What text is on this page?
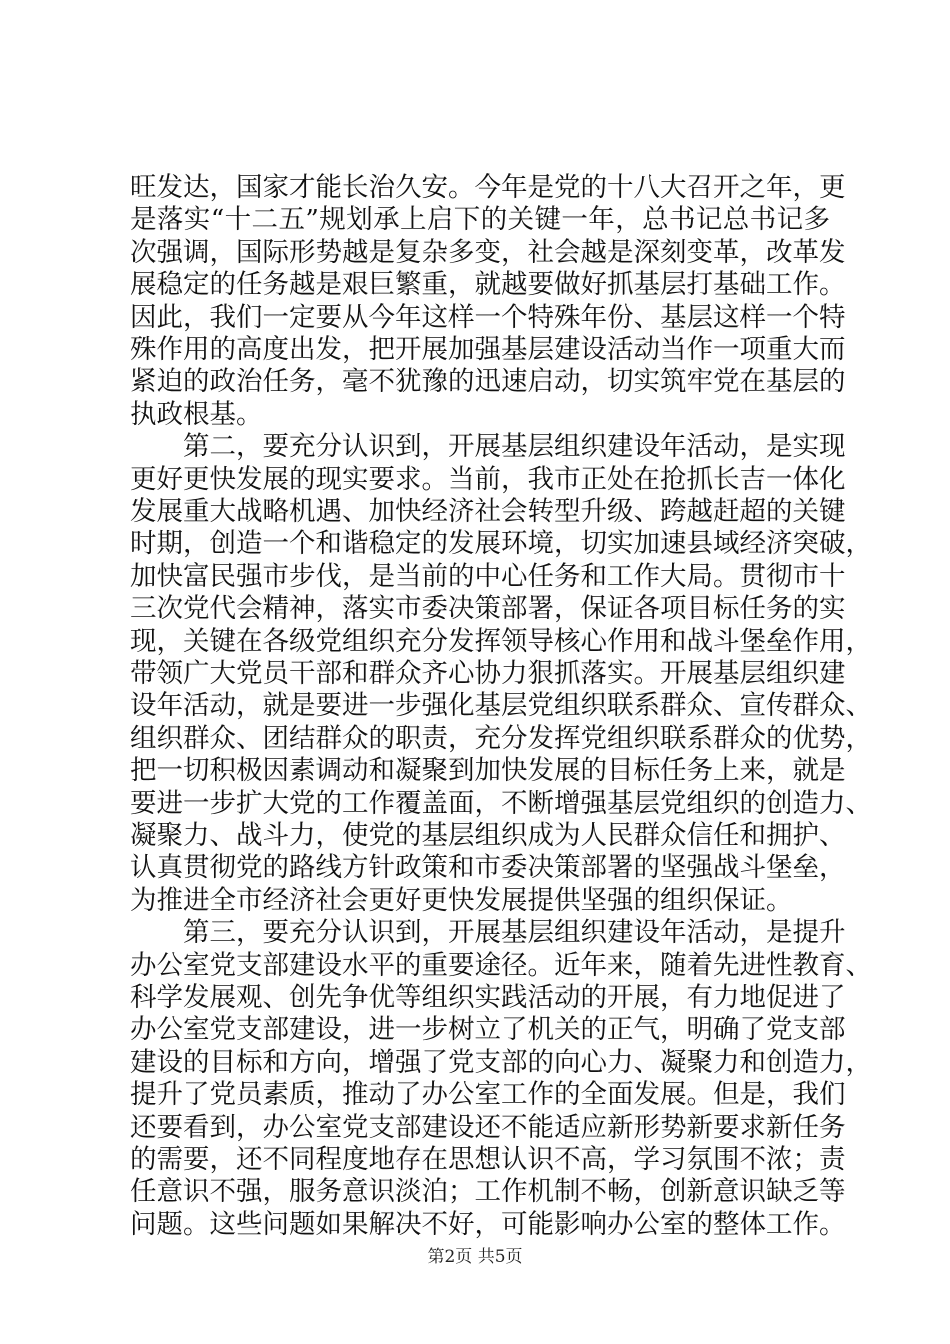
旺发达，国家才能长治久安。今年是党的十八大召开之年，更
是落实“十二五”规划承上启下的关键一年，总书记总书记多
次强调，国际形势越是复杂多变，社会越是深刻变革，改革发
展稳定的任务越是艰巨繁重，就越要做好抓基层打基础工作。
因此，我们一定要从今年这样一个特殊年份、基层这样一个特
殊作用的高度出发，把开展加强基层建设活动当作一项重大而
紧迫的政治任务，毫不犹豫的迅速启动，切实筑牢党在基层的
执政根基。
第二，要充分认识到，开展基层组织建设年活动，是实现
更好更快发展的现实要求。当前，我市正处在抢抓长吉一体化
发展重大战略机遇、加快经济社会转型升级、跨越赶超的关键
时期，创造一个和谐稳定的发展环境，切实加速县域经济突破，
加快富民强市步伐，是当前的中心任务和工作大局。贯彻市十
三次党代会精神，落实市委决策部署，保证各项目标任务的实
现，关键在各级党组织充分发挥领导核心作用和战斗堡垒作用，
带领广大党员干部和群众齐心协力狠抓落实。开展基层组织建
设年活动，就是要进一步强化基层党组织联系群众、宣传群众、
组织群众、团结群众的职责，充分发挥党组织联系群众的优势，
把一切积极因素调动和凝聚到加快发展的目标任务上来，就是
要进一步扩大党的工作覆盖面，不断增强基层党组织的创造力、
凝聚力、战斗力，使党的基层组织成为人民群众信任和拥护、
认真贯彻党的路线方针政策和市委决策部署的坚强战斗堡垒，
为推进全市经济社会更好更快发展提供坚强的组织保证。
第三，要充分认识到，开展基层组织建设年活动，是提升
办公室党支部建设水平的重要途径。近年来，随着先进性教育、
科学发展观、创先争优等组织实践活动的开展，有力地促进了
办公室党支部建设，进一步树立了机关的正气，明确了党支部
建设的目标和方向，增强了党支部的向心力、凝聚力和创造力，
提升了党员素质，推动了办公室工作的全面发展。但是，我们
还要看到，办公室党支部建设还不能适应新形势新要求新任务
的需要，还不同程度地存在思想认识不高，学习氛围不浓；责
任意识不强，服务意识淡泊；工作机制不畅，创新意识缺乏等
问题。这些问题如果解决不好，可能影响办公室的整体工作。
第2页 共5页
